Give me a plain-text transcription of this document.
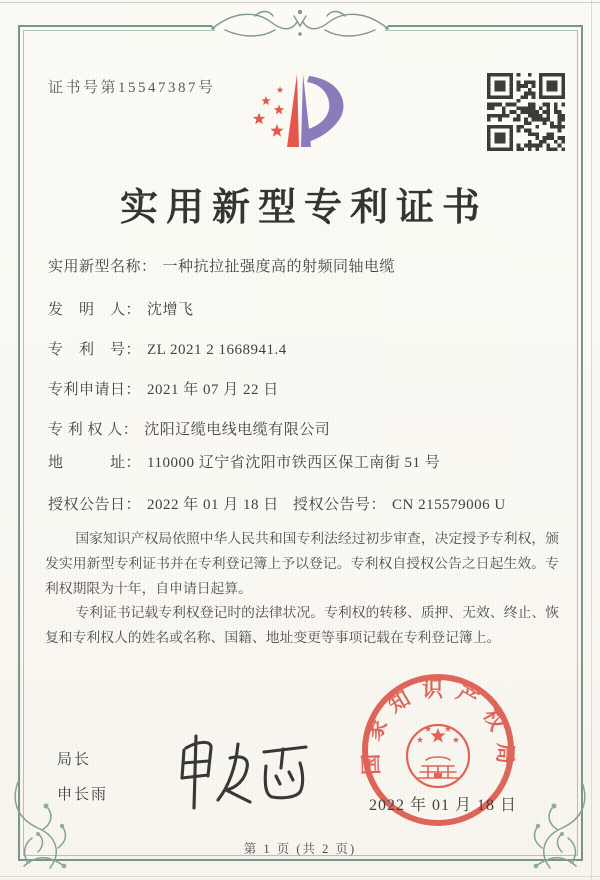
证书号第15547387号
实用新型专利证书
实用新型名称： 一种抗拉扯强度高的射频同轴电缆
发　明　人： 沈增飞
专　利　号： ZL 2021 2 1668941.4
专利申请日： 2021 年 07 月 22 日
专 利 权 人： 沈阳辽缆电线电缆有限公司
地　　　址： 110000 辽宁省沈阳市铁西区保工南街 51 号
授权公告日： 2022 年 01 月 18 日 授权公告号： CN 215579006 U

国家知识产权局依照中华人民共和国专利法经过初步审查，决定授予专利权，颁发实用新型专利证书并在专利登记簿上予以登记。专利权自授权公告之日起生效。专利权期限为十年，自申请日起算。

专利证书记载专利权登记时的法律状况。专利权的转移、质押、无效、终止、恢复和专利权人的姓名或名称、国籍、地址变更等事项记载在专利登记簿上。

局长
申长雨
国家知识产权局
2022 年 01 月 18 日
第 1 页 (共 2 页)
